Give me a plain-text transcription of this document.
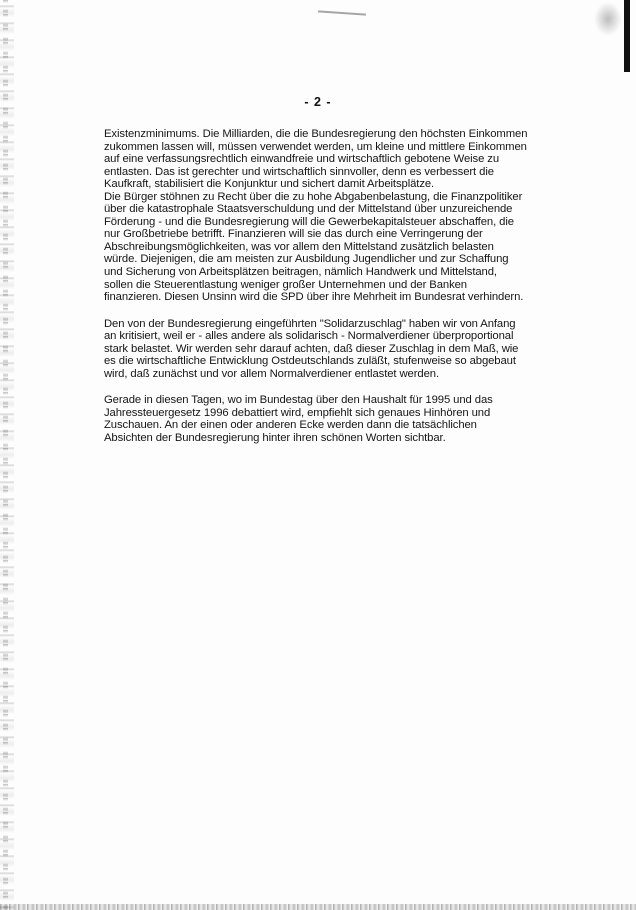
- 2 -
Existenzminimums. Die Milliarden, die die Bundesregierung den höchsten Einkommen
zukommen lassen will, müssen verwendet werden, um kleine und mittlere Einkommen
auf eine verfassungsrechtlich einwandfreie und wirtschaftlich gebotene Weise zu
entlasten. Das ist gerechter und wirtschaftlich sinnvoller, denn es verbessert die
Kaufkraft, stabilisiert die Konjunktur und sichert damit Arbeitsplätze.
Die Bürger stöhnen zu Recht über die zu hohe Abgabenbelastung, die Finanzpolitiker
über die katastrophale Staatsverschuldung und der Mittelstand über unzureichende
Förderung - und die Bundesregierung will die Gewerbekapitalsteuer abschaffen, die
nur Großbetriebe betrifft. Finanzieren will sie das durch eine Verringerung der
Abschreibungsmöglichkeiten, was vor allem den Mittelstand zusätzlich belasten
würde. Diejenigen, die am meisten zur Ausbildung Jugendlicher und zur Schaffung
und Sicherung von Arbeitsplätzen beitragen, nämlich Handwerk und Mittelstand,
sollen die Steuerentlastung weniger großer Unternehmen und der Banken
finanzieren. Diesen Unsinn wird die SPD über ihre Mehrheit im Bundesrat verhindern.
Den von der Bundesregierung eingeführten "Solidarzuschlag" haben wir von Anfang
an kritisiert, weil er - alles andere als solidarisch - Normalverdiener überproportional
stark belastet. Wir werden sehr darauf achten, daß dieser Zuschlag in dem Maß, wie
es die wirtschaftliche Entwicklung Ostdeutschlands zuläßt, stufenweise so abgebaut
wird, daß zunächst und vor allem Normalverdiener entlastet werden.
Gerade in diesen Tagen, wo im Bundestag über den Haushalt für 1995 und das
Jahressteuergesetz 1996 debattiert wird, empfiehlt sich genaues Hinhören und
Zuschauen. An der einen oder anderen Ecke werden dann die tatsächlichen
Absichten der Bundesregierung hinter ihren schönen Worten sichtbar.
